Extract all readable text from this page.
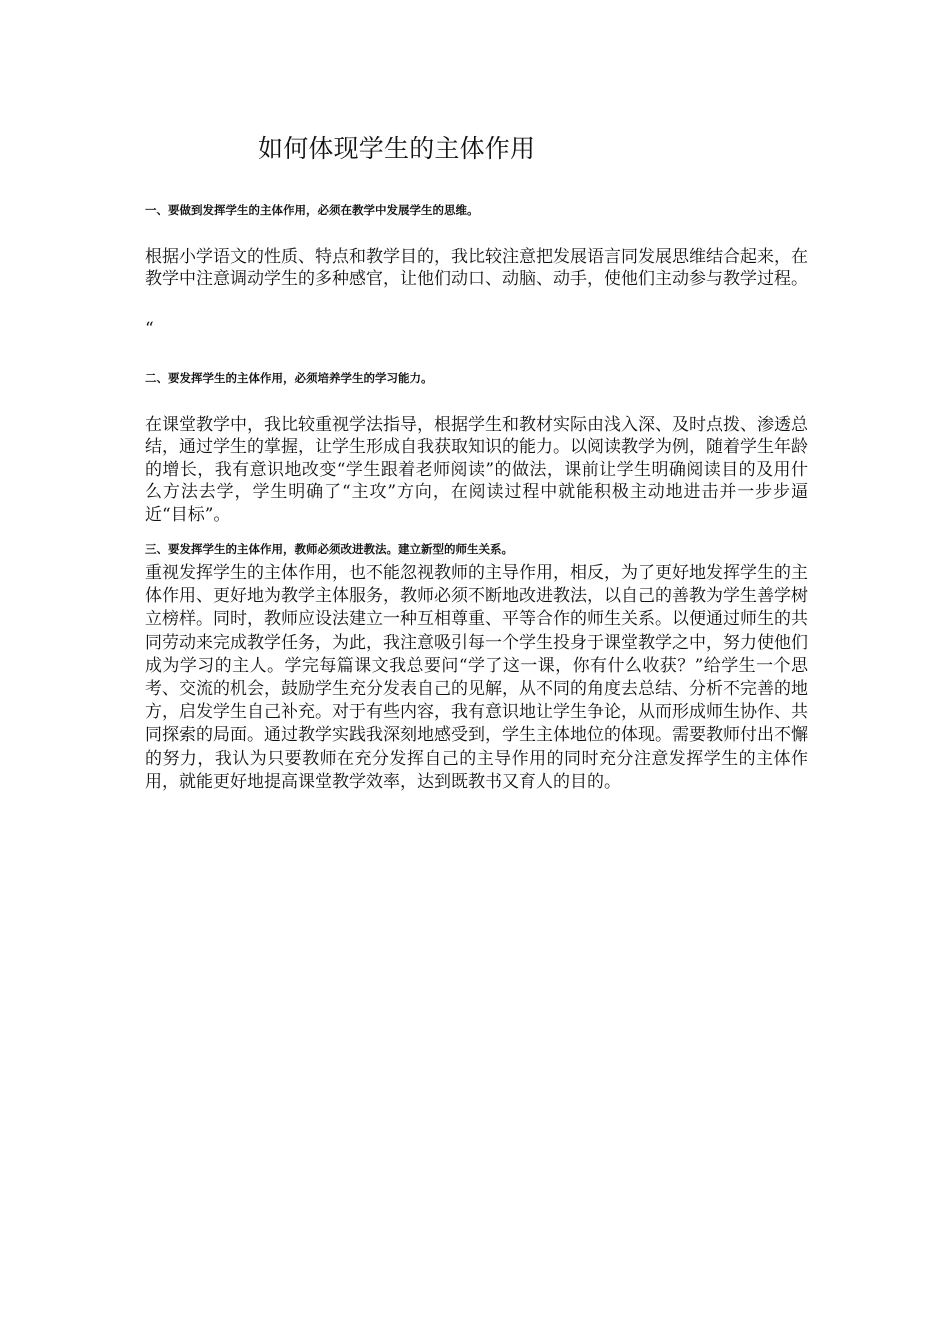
如何体现学生的主体作用
一、要做到发挥学生的主体作用，必须在教学中发展学生的思维。
根据小学语文的性质、特点和教学目的，我比较注意把发展语言同发展思维结合起来，在教学中注意调动学生的多种感官，让他们动口、动脑、动手，使他们主动参与教学过程。
“
二、要发挥学生的主体作用，必须培养学生的学习能力。
在课堂教学中，我比较重视学法指导，根据学生和教材实际由浅入深、及时点拨、渗透总结，通过学生的掌握，让学生形成自我获取知识的能力。以阅读教学为例，随着学生年龄的增长，我有意识地改变“学生跟着老师阅读”的做法，课前让学生明确阅读目的及用什么方法去学，学生明确了“主攻”方向，在阅读过程中就能积极主动地进击并一步步逼近“目标”。
三、要发挥学生的主体作用，教师必须改进教法。建立新型的师生关系。
重视发挥学生的主体作用，也不能忽视教师的主导作用，相反，为了更好地发挥学生的主体作用、更好地为教学主体服务，教师必须不断地改进教法，以自己的善教为学生善学树立榜样。同时，教师应设法建立一种互相尊重、平等合作的师生关系。以便通过师生的共同劳动来完成教学任务，为此，我注意吸引每一个学生投身于课堂教学之中，努力使他们成为学习的主人。学完每篇课文我总要问“学了这一课，你有什么收获？”给学生一个思考、交流的机会，鼓励学生充分发表自己的见解，从不同的角度去总结、分析不完善的地方，启发学生自己补充。对于有些内容，我有意识地让学生争论，从而形成师生协作、共同探索的局面。通过教学实践我深刻地感受到，学生主体地位的体现。需要教师付出不懈的努力，我认为只要教师在充分发挥自己的主导作用的同时充分注意发挥学生的主体作用，就能更好地提高课堂教学效率，达到既教书又育人的目的。
